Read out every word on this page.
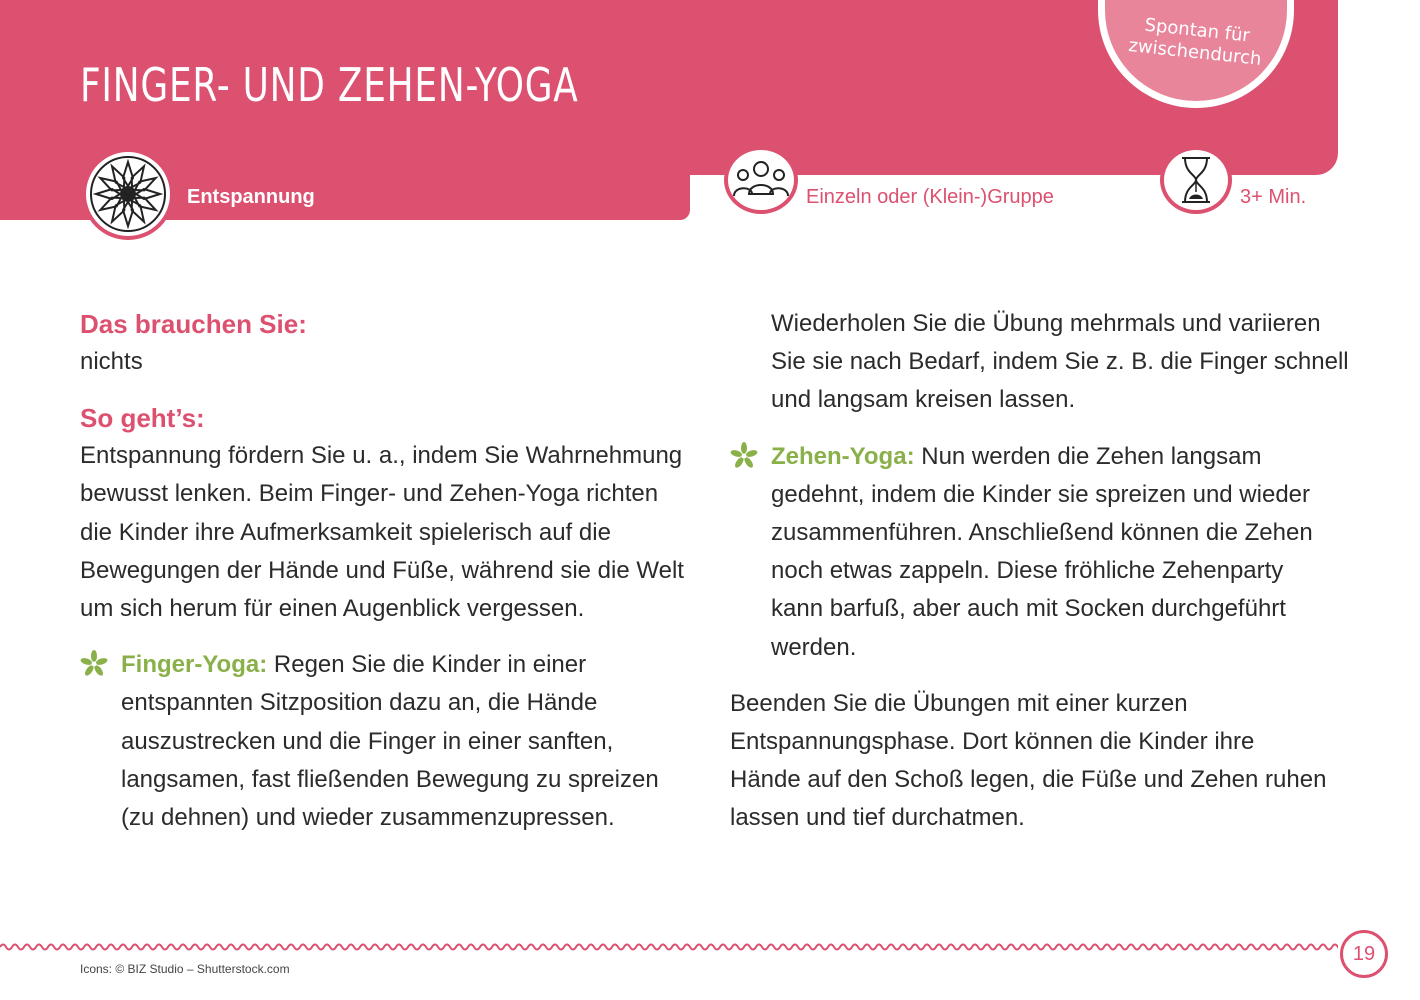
FINGER- UND ZEHEN-YOGA
Spontan für zwischendurch
Entspannung	Einzeln oder (Klein-)Gruppe	3+ Min.
Das brauchen Sie:
nichts
So geht’s:
Entspannung fördern Sie u. a., indem Sie Wahrnehmung bewusst lenken. Beim Finger- und Zehen-Yoga richten die Kinder ihre Aufmerksamkeit spielerisch auf die Bewegungen der Hände und Füße, während sie die Welt um sich herum für einen Augenblick vergessen.
Finger-Yoga: Regen Sie die Kinder in einer entspannten Sitzposition dazu an, die Hände auszustrecken und die Finger in einer sanften, langsamen, fast fließenden Bewegung zu spreizen (zu dehnen) und wieder zusammenzupressen.
Wiederholen Sie die Übung mehrmals und variieren Sie sie nach Bedarf, indem Sie z. B. die Finger schnell und langsam kreisen lassen.
Zehen-Yoga: Nun werden die Zehen langsam gedehnt, indem die Kinder sie spreizen und wieder zusammenführen. Anschließend können die Zehen noch etwas zappeln. Diese fröhliche Zehenparty kann barfuß, aber auch mit Socken durchgeführt werden.
Beenden Sie die Übungen mit einer kurzen Entspannungsphase. Dort können die Kinder ihre Hände auf den Schoß legen, die Füße und Zehen ruhen lassen und tief durchatmen.
19
Icons: © BIZ Studio – Shutterstock.com
